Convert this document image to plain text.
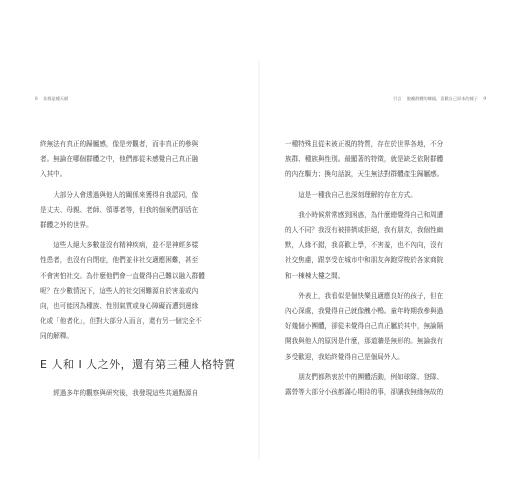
8 非群是種天賦

終無法有真正的歸屬感，像是旁觀者，而非真正的參與
者。無論在哪個群體之中，他們都從未感覺自己真正融
入其中。

大部分人會透過與他人的關係來獲得自我認同，像
是丈夫、母親、老師、領導者等，但我的個案們卻活在
群體之外的世界。

這些人絕大多數並沒有精神疾病，並不是神經多樣
性患者，也沒有自閉症，他們並非社交適應困難，甚至
不會害怕社交。為什麼他們會一直覺得自己難以融入群體
呢？在少數情況下，這些人的社交困難源自於害羞或內
向，也可能因為種族、性別氣質或身心障礙而遭到邊緣
化或「他者化」，但對大部分人而言，還有另一個完全不
同的解釋。

E 人和 I 人之外，還有第三種人格特質

經過多年的觀察與研究後，我發現這些共通點源自

引言 脫離群體的鄉親，喜歡自己原本的樣子 9

一種特殊且從未被正視的特質，存在於世界各地，不分
族群、種族與性別。最顯著的特徵，就是缺乏依附群體
的內在驅力；換句話說，天生無法對群體產生歸屬感。

這是一種我自己也深刻理解的存在方式。

我小時候常常感到困惑，為什麼總覺得自己和周遭
的人不同？我沒有被排擠或拒絕，我有朋友，我個性幽
默，人緣不錯，我喜歡上學，不害羞，也不內向，沒有
社交焦慮，跟享受在城市中和朋友奔跑穿梭於各家商院
和一棟棟大樓之間。

外表上，我看似是個快樂且適應良好的孩子，但在
內心深處，我覺得自己就像醜小鴨。童年時期我參與過
好幾個小團體，卻從未覺得自己真正屬於其中，無論隔
開我與他人的原因是什麼，那道牆是無形的。無論我有
多受歡迎，我始終覺得自己是個局外人。

朋友們都熱衷於中的團體活動，例如球隊、登隊、
露營等大部分小孩都滿心期待的事，卻讓我無緣無故的
